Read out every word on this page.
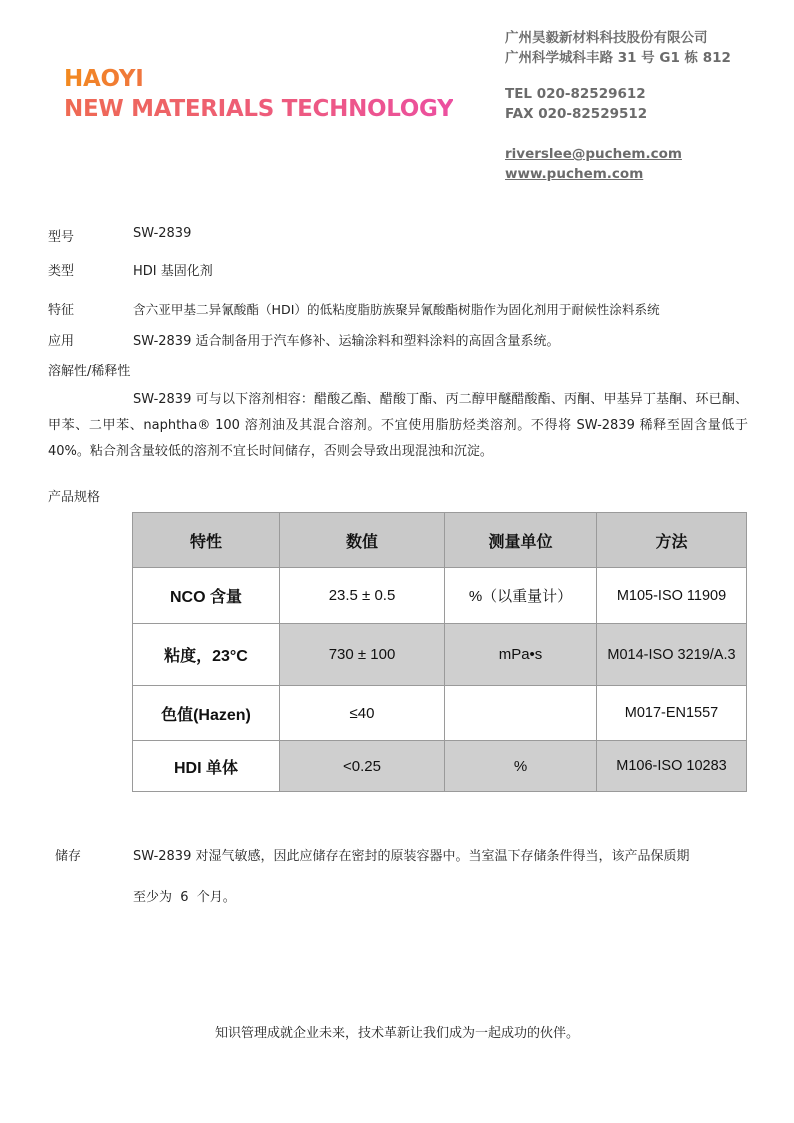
HAOYI
NEW MATERIALS TECHNOLOGY
广州昊毅新材料科技股份有限公司
广州科学城科丰路 31 号 G1 栋 812
TEL 020-82529612
FAX 020-82529512
riverslee@puchem.com
www.puchem.com
型号	SW-2839
类型	HDI 基固化剂
特征	含六亚甲基二异氰酸酯（HDI）的低粘度脂肪族聚异氰酸酯树脂作为固化剂用于耐候性涂料系统
应用	SW-2839 适合制备用于汽车修补、运输涂料和塑料涂料的高固含量系统。
溶解性/稀释性
SW-2839 可与以下溶剂相容：醋酸乙酯、醋酸丁酯、丙二醇甲醚醋酸酯、丙酮、甲基异丁基酮、环已酮、甲苯、二甲苯、naphtha® 100 溶剂油及其混合溶剂。不宜使用脂肪烃类溶剂。不得将 SW-2839 稀释至固含量低于 40%。粘合剂含量较低的溶剂不宜长时间储存，否则会导致出现混浊和沉淀。
产品规格
特性	数值	测量单位	方法
NCO 含量	23.5 ± 0.5	%（以重量计）	M105-ISO 11909
粘度，23°C	730 ± 100	mPa•s	M014-ISO 3219/A.3
色值(Hazen)	≤40		M017-EN1557
HDI 单体	<0.25	%	M106-ISO 10283
储存	SW-2839 对湿气敏感，因此应储存在密封的原装容器中。当室温下存储条件得当，该产品保质期
至少为  6  个月。
知识管理成就企业未来，技术革新让我们成为一起成功的伙伴。
